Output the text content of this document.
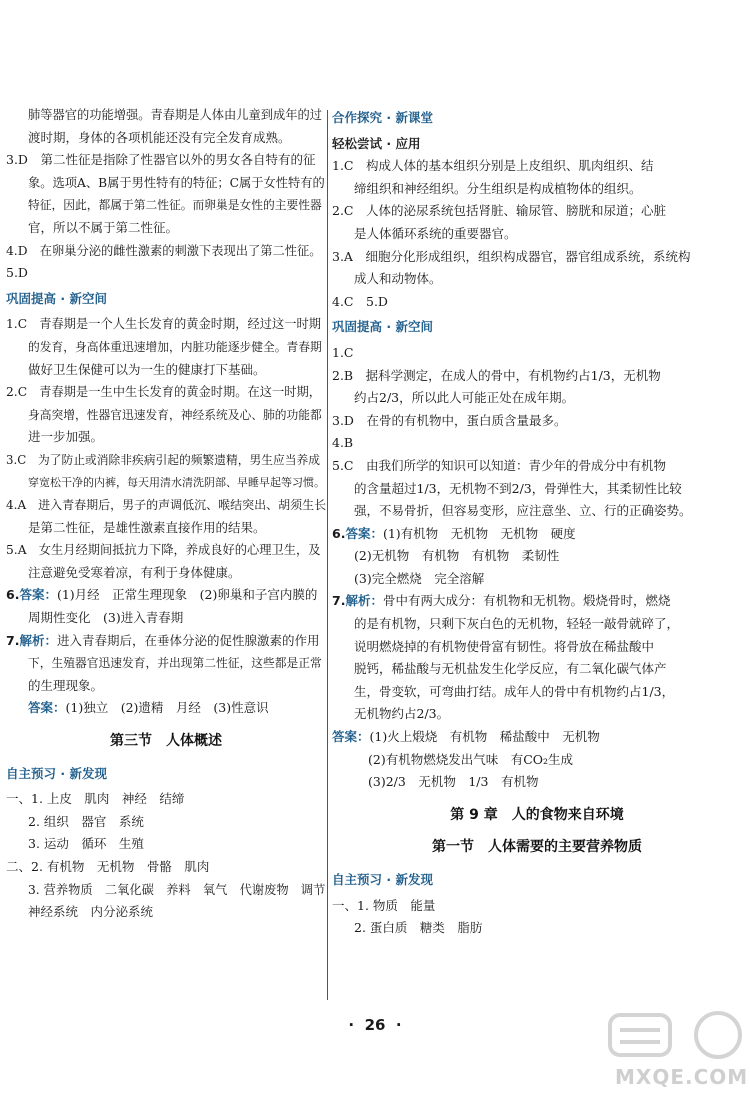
肺等器官的功能增强。青春期是人体由儿童到成年的过
渡时期，身体的各项机能还没有完全发育成熟。
3.D　第二性征是指除了性器官以外的男女各自特有的征
象。选项A、B属于男性特有的特征；C属于女性特有的
特征，因此，都属于第二性征。而卵巢是女性的主要性器
官，所以不属于第二性征。
4.D　在卵巢分泌的雌性激素的刺激下表现出了第二性征。
5.D
巩固提高 · 新空间
1.C　青春期是一个人生长发育的黄金时期，经过这一时期
的发育，身高体重迅速增加，内脏功能逐步健全。青春期
做好卫生保健可以为一生的健康打下基础。
2.C　青春期是一生中生长发育的黄金时期。在这一时期，
身高突增，性器官迅速发育，神经系统及心、肺的功能都
进一步加强。
3.C　为了防止或消除非疾病引起的频繁遗精，男生应当养成
穿宽松干净的内裤，每天用清水清洗阴部、早睡早起等习惯。
4.A　进入青春期后，男子的声调低沉、喉结突出、胡须生长
是第二性征，是雄性激素直接作用的结果。
5.A　女生月经期间抵抗力下降，养成良好的心理卫生，及
注意避免受寒着凉，有利于身体健康。
6.答案：(1)月经　正常生理现象　(2)卵巢和子宫内膜的
周期性变化　(3)进入青春期
7.解析：进入青春期后，在垂体分泌的促性腺激素的作用
下，生殖器官迅速发育，并出现第二性征，这些都是正常
的生理现象。
答案：(1)独立　(2)遗精　月经　(3)性意识
第三节　人体概述
自主预习 · 新发现
一、1. 上皮　肌肉　神经　结缔
2. 组织　器官　系统
3. 运动　循环　生殖
二、2. 有机物　无机物　骨骼　肌肉
3. 营养物质　二氧化碳　养料　氧气　代谢废物　调节
神经系统　内分泌系统
合作探究 · 新课堂
轻松尝试 · 应用
1.C　构成人体的基本组织分别是上皮组织、肌肉组织、结
缔组织和神经组织。分生组织是构成植物体的组织。
2.C　人体的泌尿系统包括肾脏、输尿管、膀胱和尿道；心脏
是人体循环系统的重要器官。
3.A　细胞分化形成组织，组织构成器官，器官组成系统，系统构
成人和动物体。
4.C　5.D
巩固提高 · 新空间
1.C
2.B　据科学测定，在成人的骨中，有机物约占1/3，无机物
约占2/3，所以此人可能正处在成年期。
3.D　在骨的有机物中，蛋白质含量最多。
4.B
5.C　由我们所学的知识可以知道：青少年的骨成分中有机物
的含量超过1/3，无机物不到2/3，骨弹性大，其柔韧性比较
强，不易骨折，但容易变形，应注意坐、立、行的正确姿势。
6.答案：(1)有机物　无机物　无机物　硬度
(2)无机物　有机物　有机物　柔韧性
(3)完全燃烧　完全溶解
7.解析：骨中有两大成分：有机物和无机物。煅烧骨时，燃烧
的是有机物，只剩下灰白色的无机物，轻轻一敲骨就碎了，
说明燃烧掉的有机物使骨富有韧性。将骨放在稀盐酸中
脱钙，稀盐酸与无机盐发生化学反应，有二氧化碳气体产
生，骨变软，可弯曲打结。成年人的骨中有机物约占1/3，
无机物约占2/3。
答案：(1)火上煅烧　有机物　稀盐酸中　无机物
(2)有机物燃烧发出气味　有CO₂生成
(3)2/3　无机物　1/3　有机物
第 9 章　人的食物来自环境
第一节　人体需要的主要营养物质
自主预习 · 新发现
一、1. 物质　能量
2. 蛋白质　糖类　脂肪
·  26  ·
MXQE.COM
